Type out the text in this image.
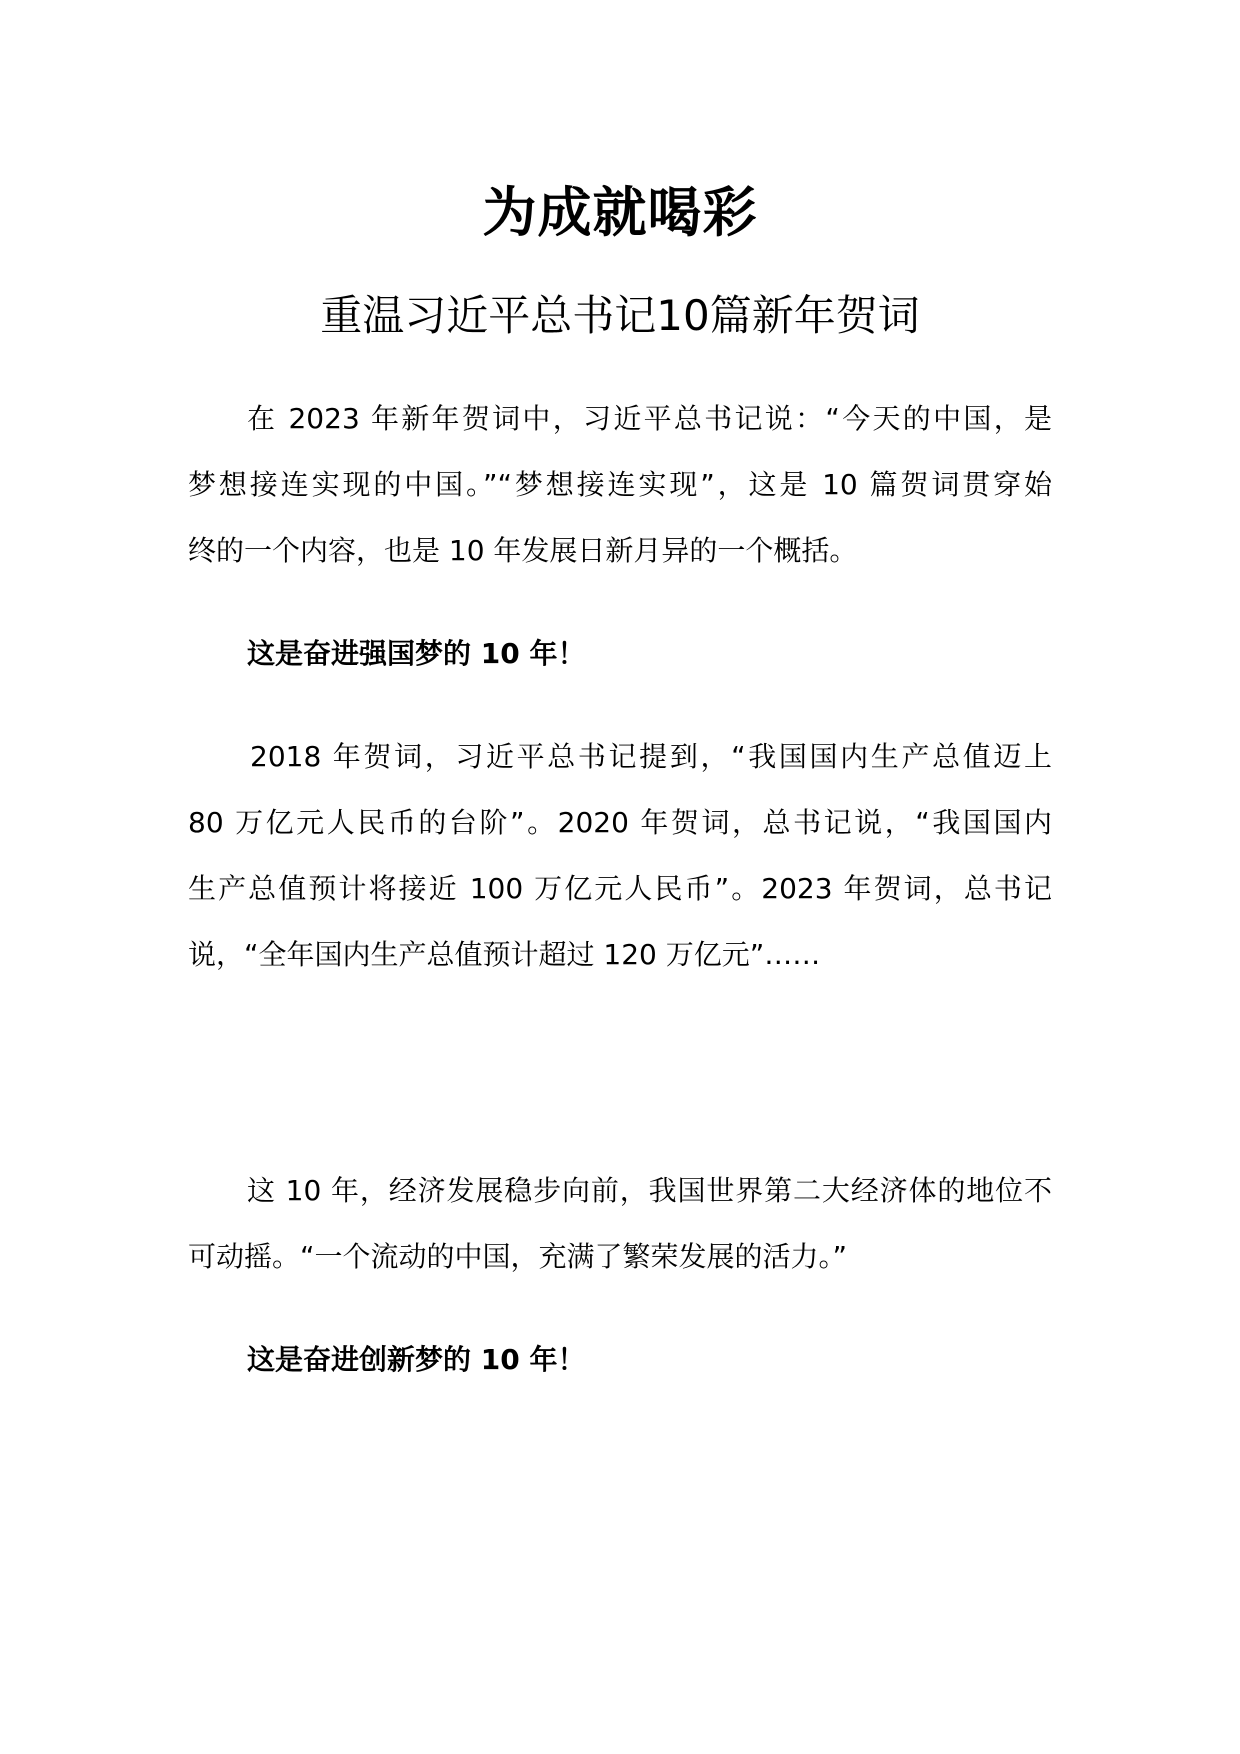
为成就喝彩
重温习近平总书记10篇新年贺词
在 2023 年新年贺词中，习近平总书记说：“今天的中国，是
梦想接连实现的中国。”“梦想接连实现”，这是 10 篇贺词贯穿始
终的一个内容，也是 10 年发展日新月异的一个概括。
这是奋进强国梦的 10 年！
2018 年贺词，习近平总书记提到，“我国国内生产总值迈上
80 万亿元人民币的台阶”。2020 年贺词，总书记说，“我国国内
生产总值预计将接近 100 万亿元人民币”。2023 年贺词，总书记
说，“全年国内生产总值预计超过 120 万亿元”……
这 10 年，经济发展稳步向前，我国世界第二大经济体的地位不
可动摇。“一个流动的中国，充满了繁荣发展的活力。”
这是奋进创新梦的 10 年！
